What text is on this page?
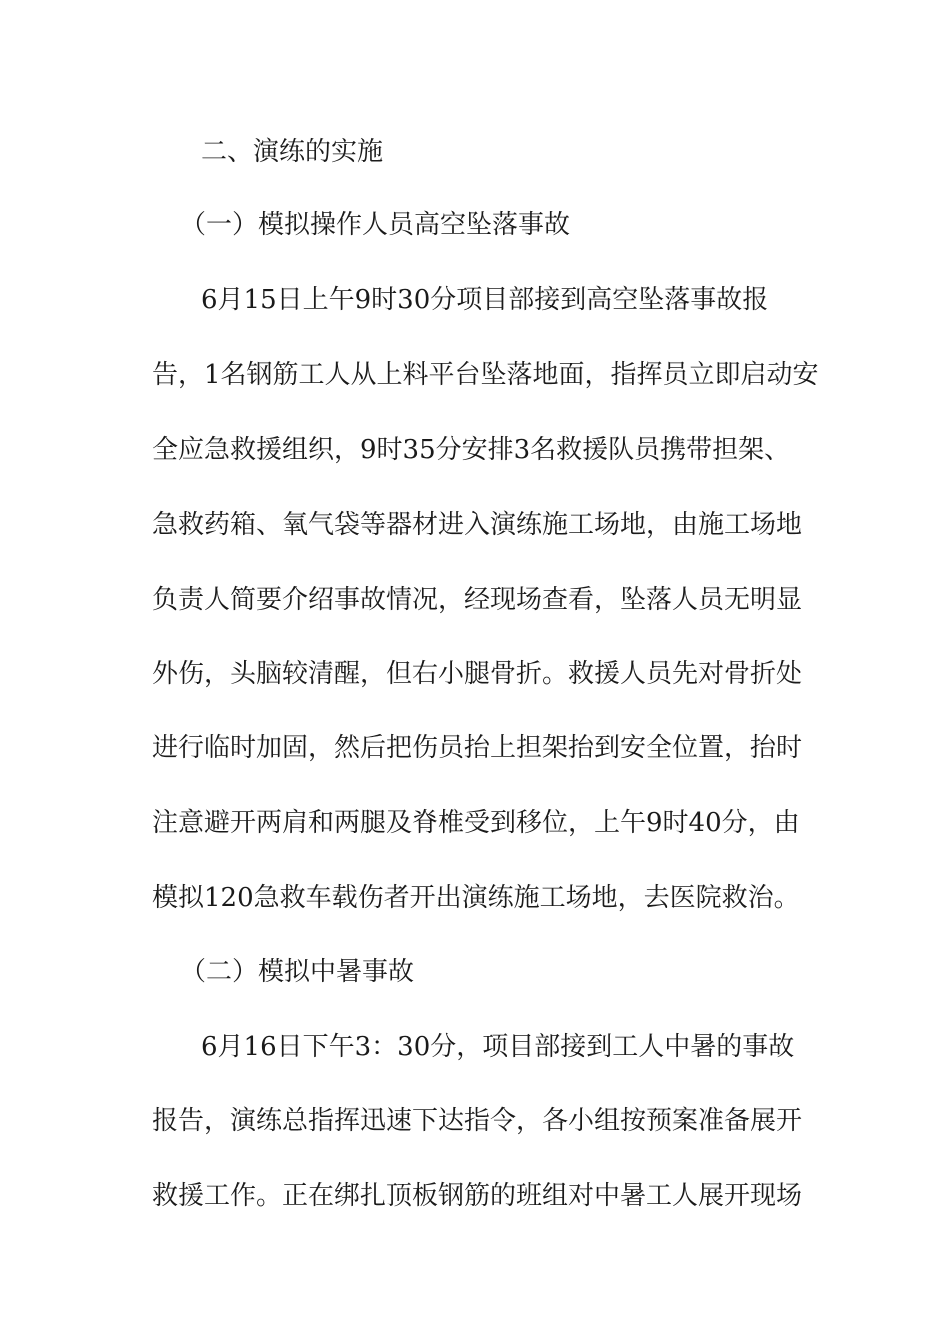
二、演练的实施
（一）模拟操作人员高空坠落事故
6月15日上午9时30分项目部接到高空坠落事故报
告，1名钢筋工人从上料平台坠落地面，指挥员立即启动安
全应急救援组织，9时35分安排3名救援队员携带担架、
急救药箱、氧气袋等器材进入演练施工场地，由施工场地
负责人简要介绍事故情况，经现场查看，坠落人员无明显
外伤，头脑较清醒，但右小腿骨折。救援人员先对骨折处
进行临时加固，然后把伤员抬上担架抬到安全位置，抬时
注意避开两肩和两腿及脊椎受到移位，上午9时40分，由
模拟120急救车载伤者开出演练施工场地，去医院救治。
（二）模拟中暑事故
6月16日下午3：30分，项目部接到工人中暑的事故
报告，演练总指挥迅速下达指令，各小组按预案准备展开
救援工作。正在绑扎顶板钢筋的班组对中暑工人展开现场
